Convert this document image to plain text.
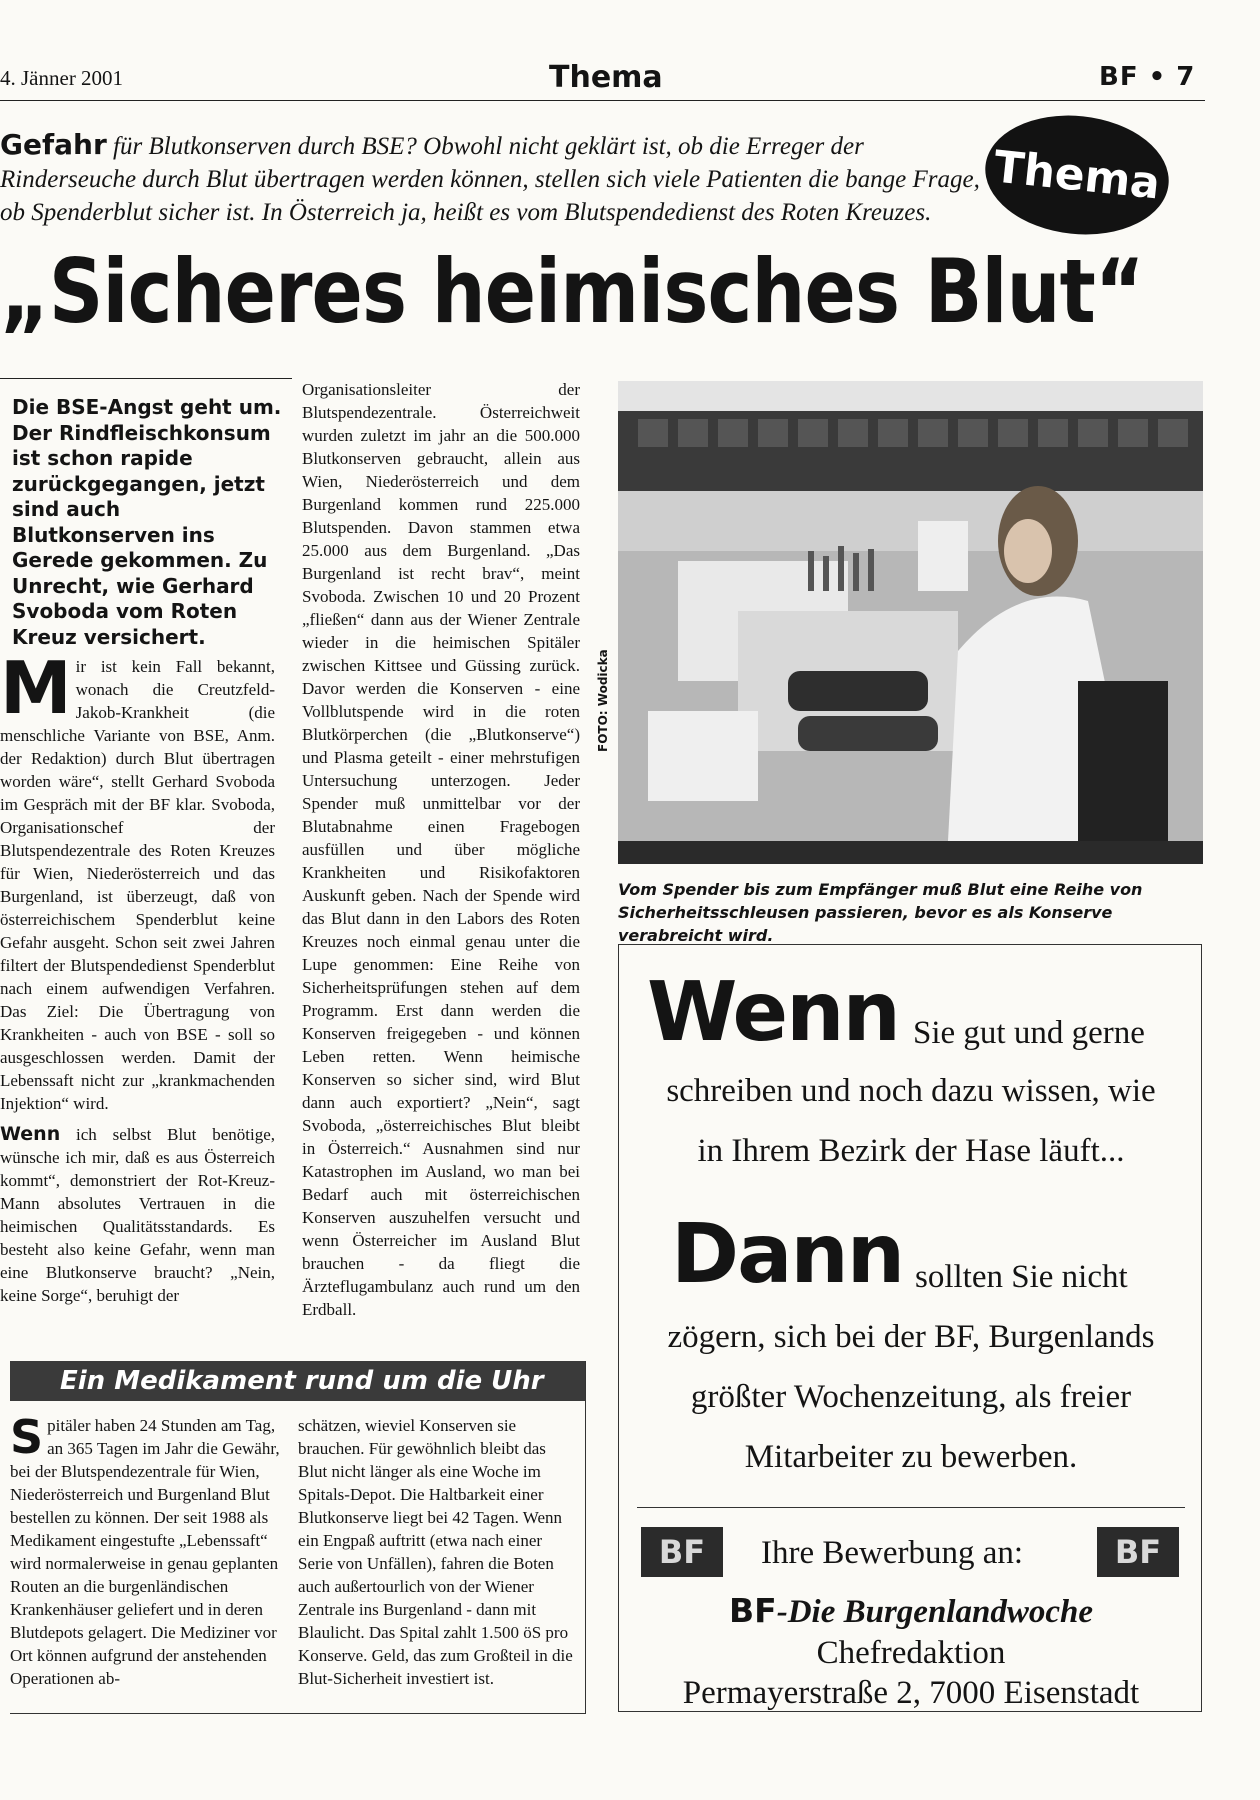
4. Jänner 2001	Thema	BF • 7
Gefahr für Blutkonserven durch BSE? Obwohl nicht geklärt ist, ob die Erreger der Rinderseuche durch Blut übertragen werden können, stellen sich viele Patienten die bange Frage, ob Spenderblut sicher ist. In Österreich ja, heißt es vom Blutspendedienst des Roten Kreuzes.
Thema
„Sicheres heimisches Blut“
Die BSE-Angst geht um. Der Rindfleischkonsum ist schon rapide zurückgegangen, jetzt sind auch Blutkonserven ins Gerede gekommen. Zu Unrecht, wie Gerhard Svoboda vom Roten Kreuz versichert.
Mir ist kein Fall bekannt, wonach die Creutzfeld-Jakob-Krankheit (die menschliche Variante von BSE, Anm. der Redaktion) durch Blut übertragen worden wäre“, stellt Gerhard Svoboda im Gespräch mit der BF klar. Svoboda, Organisationschef der Blutspendezentrale des Roten Kreuzes für Wien, Niederösterreich und das Burgenland, ist überzeugt, daß von österreichischem Spenderblut keine Gefahr ausgeht. Schon seit zwei Jahren filtert der Blutspendedienst Spenderblut nach einem aufwendigen Verfahren. Das Ziel: Die Übertragung von Krankheiten - auch von BSE - soll so ausgeschlossen werden. Damit der Lebenssaft nicht zur „krankmachenden Injektion“ wird.
Wenn ich selbst Blut benötige, wünsche ich mir, daß es aus Österreich kommt“, demonstriert der Rot-Kreuz-Mann absolutes Vertrauen in die heimischen Qualitätsstandards. Es besteht also keine Gefahr, wenn man eine Blutkonserve braucht? „Nein, keine Sorge“, beruhigt der
Organisationsleiter der Blutspendezentrale. Österreichweit wurden zuletzt im jahr an die 500.000 Blutkonserven gebraucht, allein aus Wien, Niederösterreich und dem Burgenland kommen rund 225.000 Blutspenden. Davon stammen etwa 25.000 aus dem Burgenland. „Das Burgenland ist recht brav“, meint Svoboda. Zwischen 10 und 20 Prozent „fließen“ dann aus der Wiener Zentrale wieder in die heimischen Spitäler zwischen Kittsee und Güssing zurück. Davor werden die Konserven - eine Vollblutspende wird in die roten Blutkörperchen (die „Blutkonserve“) und Plasma geteilt - einer mehrstufigen Untersuchung unterzogen. Jeder Spender muß unmittelbar vor der Blutabnahme einen Fragebogen ausfüllen und über mögliche Krankheiten und Risikofaktoren Auskunft geben. Nach der Spende wird das Blut dann in den Labors des Roten Kreuzes noch einmal genau unter die Lupe genommen: Eine Reihe von Sicherheitsprüfungen stehen auf dem Programm. Erst dann werden die Konserven freigegeben - und können Leben retten. Wenn heimische Konserven so sicher sind, wird Blut dann auch exportiert? „Nein“, sagt Svoboda, „österreichisches Blut bleibt in Österreich.“ Ausnahmen sind nur Katastrophen im Ausland, wo man bei Bedarf auch mit österreichischen Konserven auszuhelfen versucht und wenn Österreicher im Ausland Blut brauchen - da fliegt die Ärzteflugambulanz auch rund um den Erdball.
FOTO: Wodicka
Vom Spender bis zum Empfänger muß Blut eine Reihe von Sicherheitsschleusen passieren, bevor es als Konserve verabreicht wird.
Ein Medikament rund um die Uhr
Spitäler haben 24 Stunden am Tag, an 365 Tagen im Jahr die Gewähr, bei der Blutspendezentrale für Wien, Niederösterreich und Burgenland Blut bestellen zu können. Der seit 1988 als Medikament eingestufte „Lebenssaft“ wird normalerweise in genau geplanten Routen an die burgenländischen Krankenhäuser geliefert und in deren Blutdepots gelagert. Die Mediziner vor Ort können aufgrund der anstehenden Operationen ab-
schätzen, wieviel Konserven sie brauchen. Für gewöhnlich bleibt das Blut nicht länger als eine Woche im Spitals-Depot. Die Haltbarkeit einer Blutkonserve liegt bei 42 Tagen. Wenn ein Engpaß auftritt (etwa nach einer Serie von Unfällen), fahren die Boten auch außertourlich von der Wiener Zentrale ins Burgenland - dann mit Blaulicht. Das Spital zahlt 1.500 öS pro Konserve. Geld, das zum Großteil in die Blut-Sicherheit investiert ist.
Wenn Sie gut und gerne
schreiben und noch dazu wissen, wie
in Ihrem Bezirk der Hase läuft...
Dann sollten Sie nicht
zögern, sich bei der BF, Burgenlands
größter Wochenzeitung, als freier
Mitarbeiter zu bewerben.
BF Ihre Bewerbung an:	BF
BF-Die Burgenlandwoche
Chefredaktion
Permayerstraße 2, 7000 Eisenstadt
